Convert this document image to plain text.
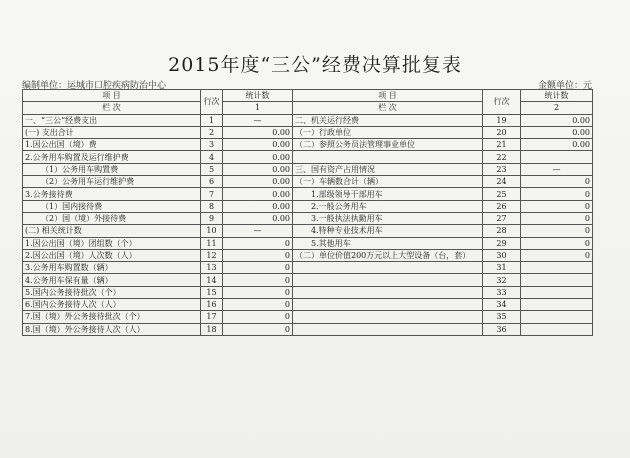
2015年度“三公”经费决算批复表
编制单位：运城市口腔疾病防治中心	金额单位：元
项 目	行次	统计数	项 目	行次	统计数
栏 次		1	栏 次		2
一、“三公”经费支出	1	—	二、机关运行经费	19	0.00
(一) 支出合计	2	0.00	（一）行政单位	20	0.00
1.因公出国（境）费	3	0.00	（二）参照公务员法管理事业单位	21	0.00
2.公务用车购置及运行维护费	4	0.00		22	
（1）公务用车购置费	5	0.00	三、国有资产占用情况	23	—
（2）公务用车运行维护费	6	0.00	（一）车辆数合计（辆）	24	0
3.公务接待费	7	0.00	1.部级领导干部用车	25	0
（1）国内接待费	8	0.00	2.一般公务用车	26	0
（2）国（境）外接待费	9	0.00	3.一般执法执勤用车	27	0
(二) 相关统计数	10	—	4.特种专业技术用车	28	0
1.因公出国（境）团组数（个）	11	0	5.其他用车	29	0
2.因公出国（境）人次数（人）	12	0	（二）单位价值200万元以上大型设备（台，套）	30	0
3.公务用车购置数（辆）	13	0		31	
4.公务用车保有量（辆）	14	0		32	
5.国内公务接待批次（个）	15	0		33	
6.国内公务接待人次（人）	16	0		34	
7.国（境）外公务接待批次（个）	17	0		35	
8.国（境）外公务接待人次（人）	18	0		36	
